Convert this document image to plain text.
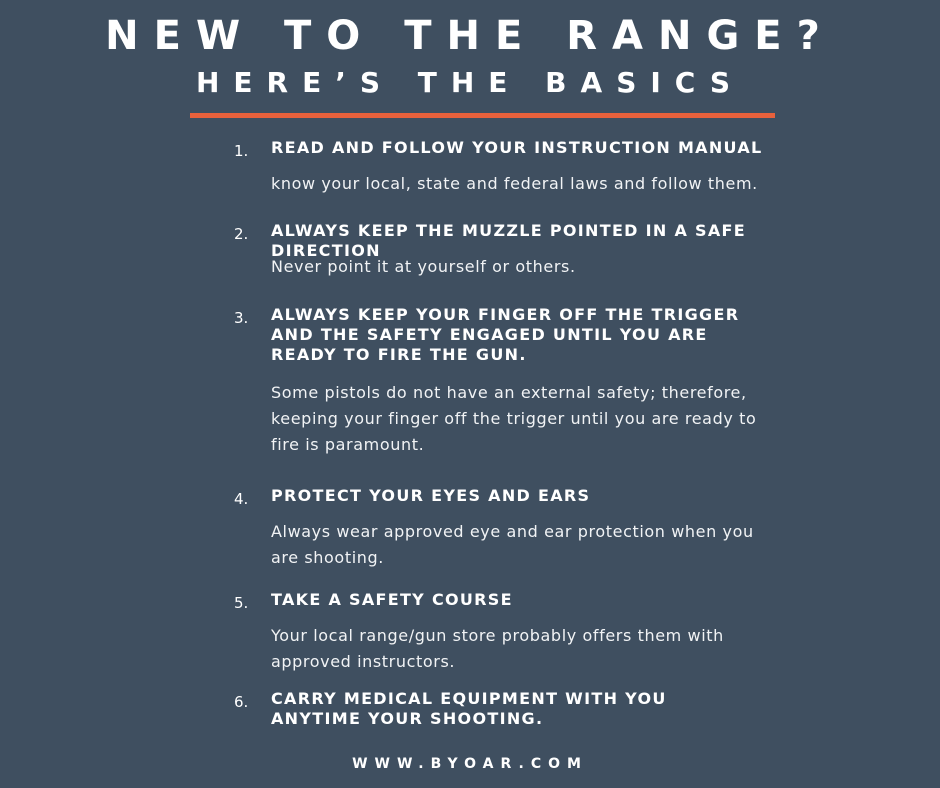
NEW TO THE RANGE?
HERE’S THE BASICS
1. READ AND FOLLOW YOUR INSTRUCTION MANUAL
know your local, state and federal laws and follow them.
2. ALWAYS KEEP THE MUZZLE POINTED IN A SAFE DIRECTION
Never point it at yourself or others.
3. ALWAYS KEEP YOUR FINGER OFF THE TRIGGER AND THE SAFETY ENGAGED UNTIL YOU ARE READY TO FIRE THE GUN.
Some pistols do not have an external safety; therefore, keeping your finger off the trigger until you are ready to fire is paramount.
4. PROTECT YOUR EYES AND EARS
Always wear approved eye and ear protection when you are shooting.
5. TAKE A SAFETY COURSE
Your local range/gun store probably offers them with approved instructors.
6. CARRY MEDICAL EQUIPMENT WITH YOU ANYTIME YOUR SHOOTING.
WWW.BYOAR.COM
